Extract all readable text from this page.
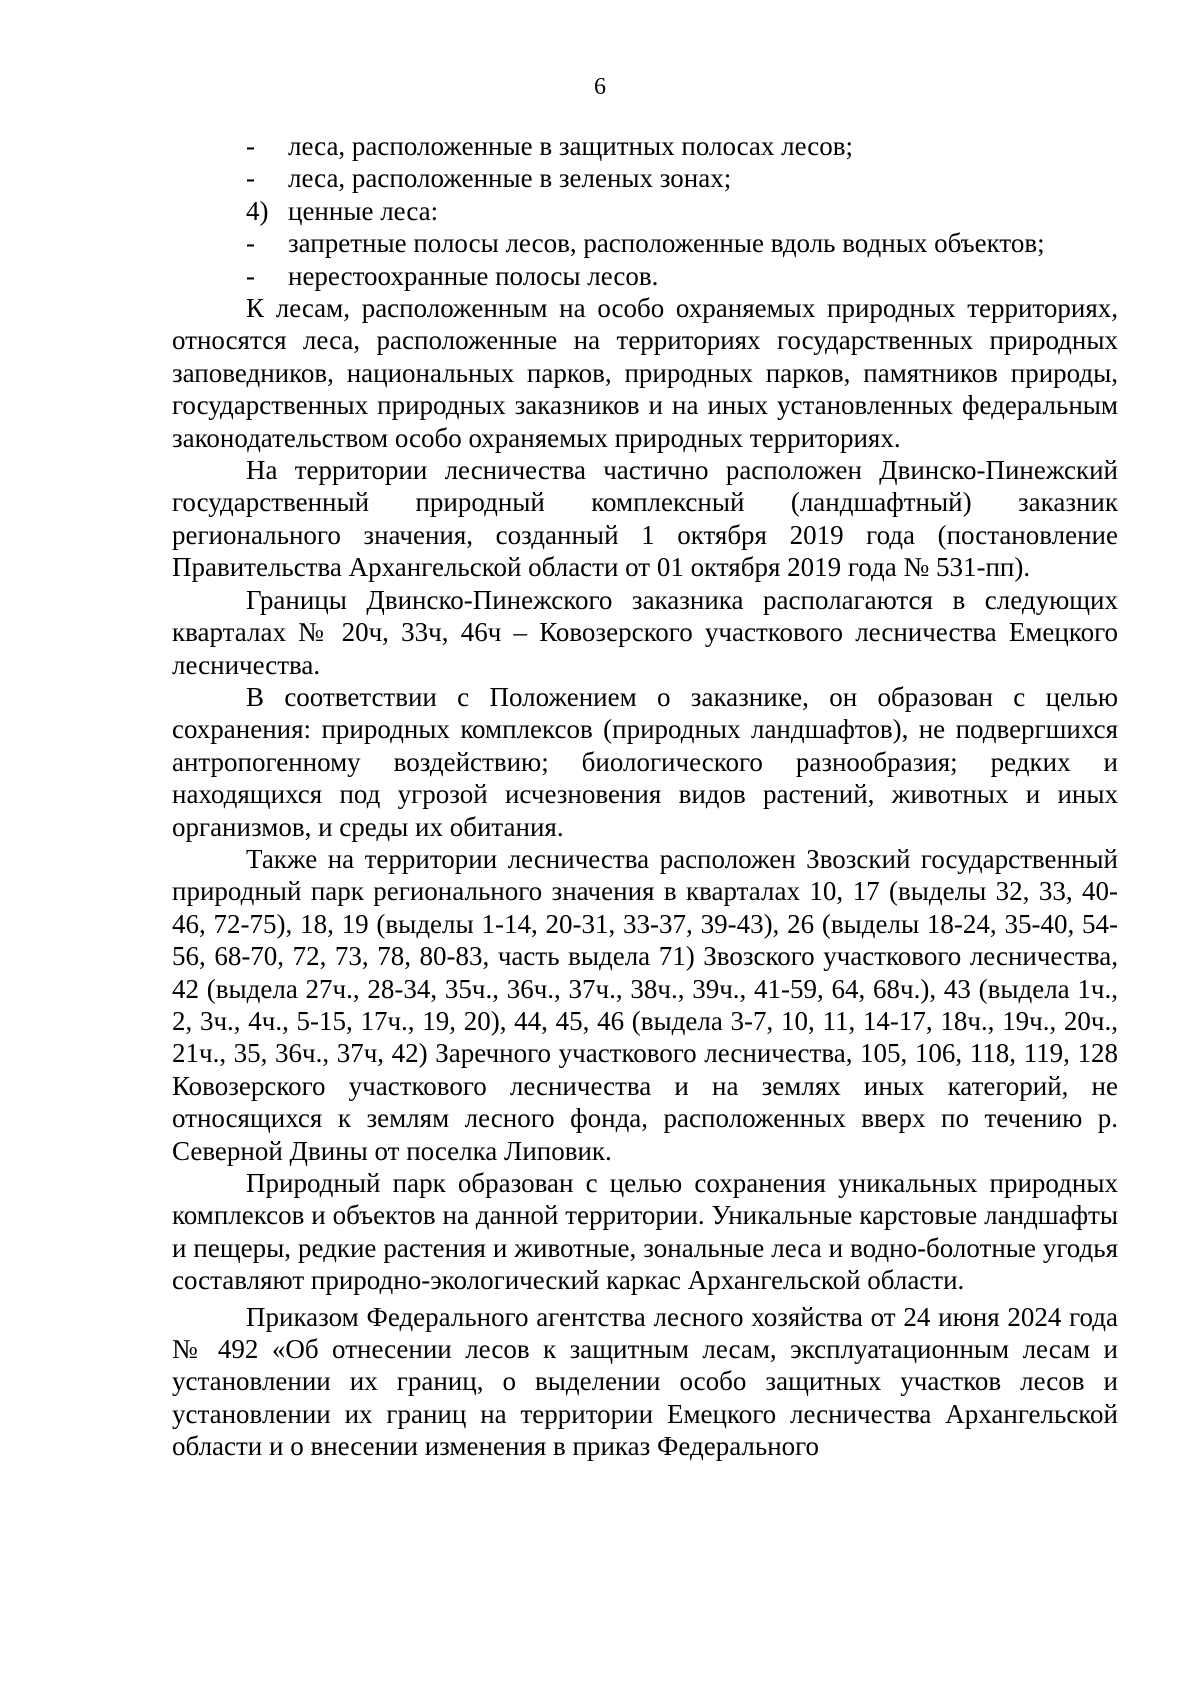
6
-	леса, расположенные в защитных полосах лесов;
-	леса, расположенные в зеленых зонах;
4) ценные леса:
-	запретные полосы лесов, расположенные вдоль водных объектов;
-	нерестоохранные полосы лесов.

К лесам, расположенным на особо охраняемых природных территориях, относятся леса, расположенные на территориях государственных природных заповедников, национальных парков, природных парков, памятников природы, государственных природных заказников и на иных установленных федеральным законодательством особо охраняемых природных территориях.

На территории лесничества частично расположен Двинско-Пинежский государственный природный комплексный (ландшафтный) заказник регионального значения, созданный 1 октября 2019 года (постановление Правительства Архангельской области от 01 октября 2019 года № 531-пп).

Границы Двинско-Пинежского заказника располагаются в следующих кварталах № 20ч, 33ч, 46ч – Ковозерского участкового лесничества Емецкого лесничества.

В соответствии с Положением о заказнике, он образован с целью сохранения: природных комплексов (природных ландшафтов), не подвергшихся антропогенному воздействию; биологического разнообразия; редких и находящихся под угрозой исчезновения видов растений, животных и иных организмов, и среды их обитания.

Также на территории лесничества расположен Звозский государственный природный парк регионального значения в кварталах 10, 17 (выделы 32, 33, 40-46, 72-75), 18, 19 (выделы 1-14, 20-31, 33-37, 39-43), 26 (выделы 18-24, 35-40, 54-56, 68-70, 72, 73, 78, 80-83, часть выдела 71) Звозского участкового лесничества, 42 (выдела 27ч., 28-34, 35ч., 36ч., 37ч., 38ч., 39ч., 41-59, 64, 68ч.), 43 (выдела 1ч., 2, 3ч., 4ч., 5-15, 17ч., 19, 20), 44, 45, 46 (выдела 3-7, 10, 11, 14-17, 18ч., 19ч., 20ч., 21ч., 35, 36ч., 37ч, 42) Заречного участкового лесничества, 105, 106, 118, 119, 128 Ковозерского участкового лесничества и на землях иных категорий, не относящихся к землям лесного фонда, расположенных вверх по течению р. Северной Двины от поселка Липовик.

Природный парк образован с целью сохранения уникальных природных комплексов и объектов на данной территории. Уникальные карстовые ландшафты и пещеры, редкие растения и животные, зональные леса и водно-болотные угодья составляют природно-экологический каркас Архангельской области.

Приказом Федерального агентства лесного хозяйства от 24 июня 2024 года № 492 «Об отнесении лесов к защитным лесам, эксплуатационным лесам и установлении их границ, о выделении особо защитных участков лесов и установлении их границ на территории Емецкого лесничества Архангельской области и о внесении изменения в приказ Федерального
